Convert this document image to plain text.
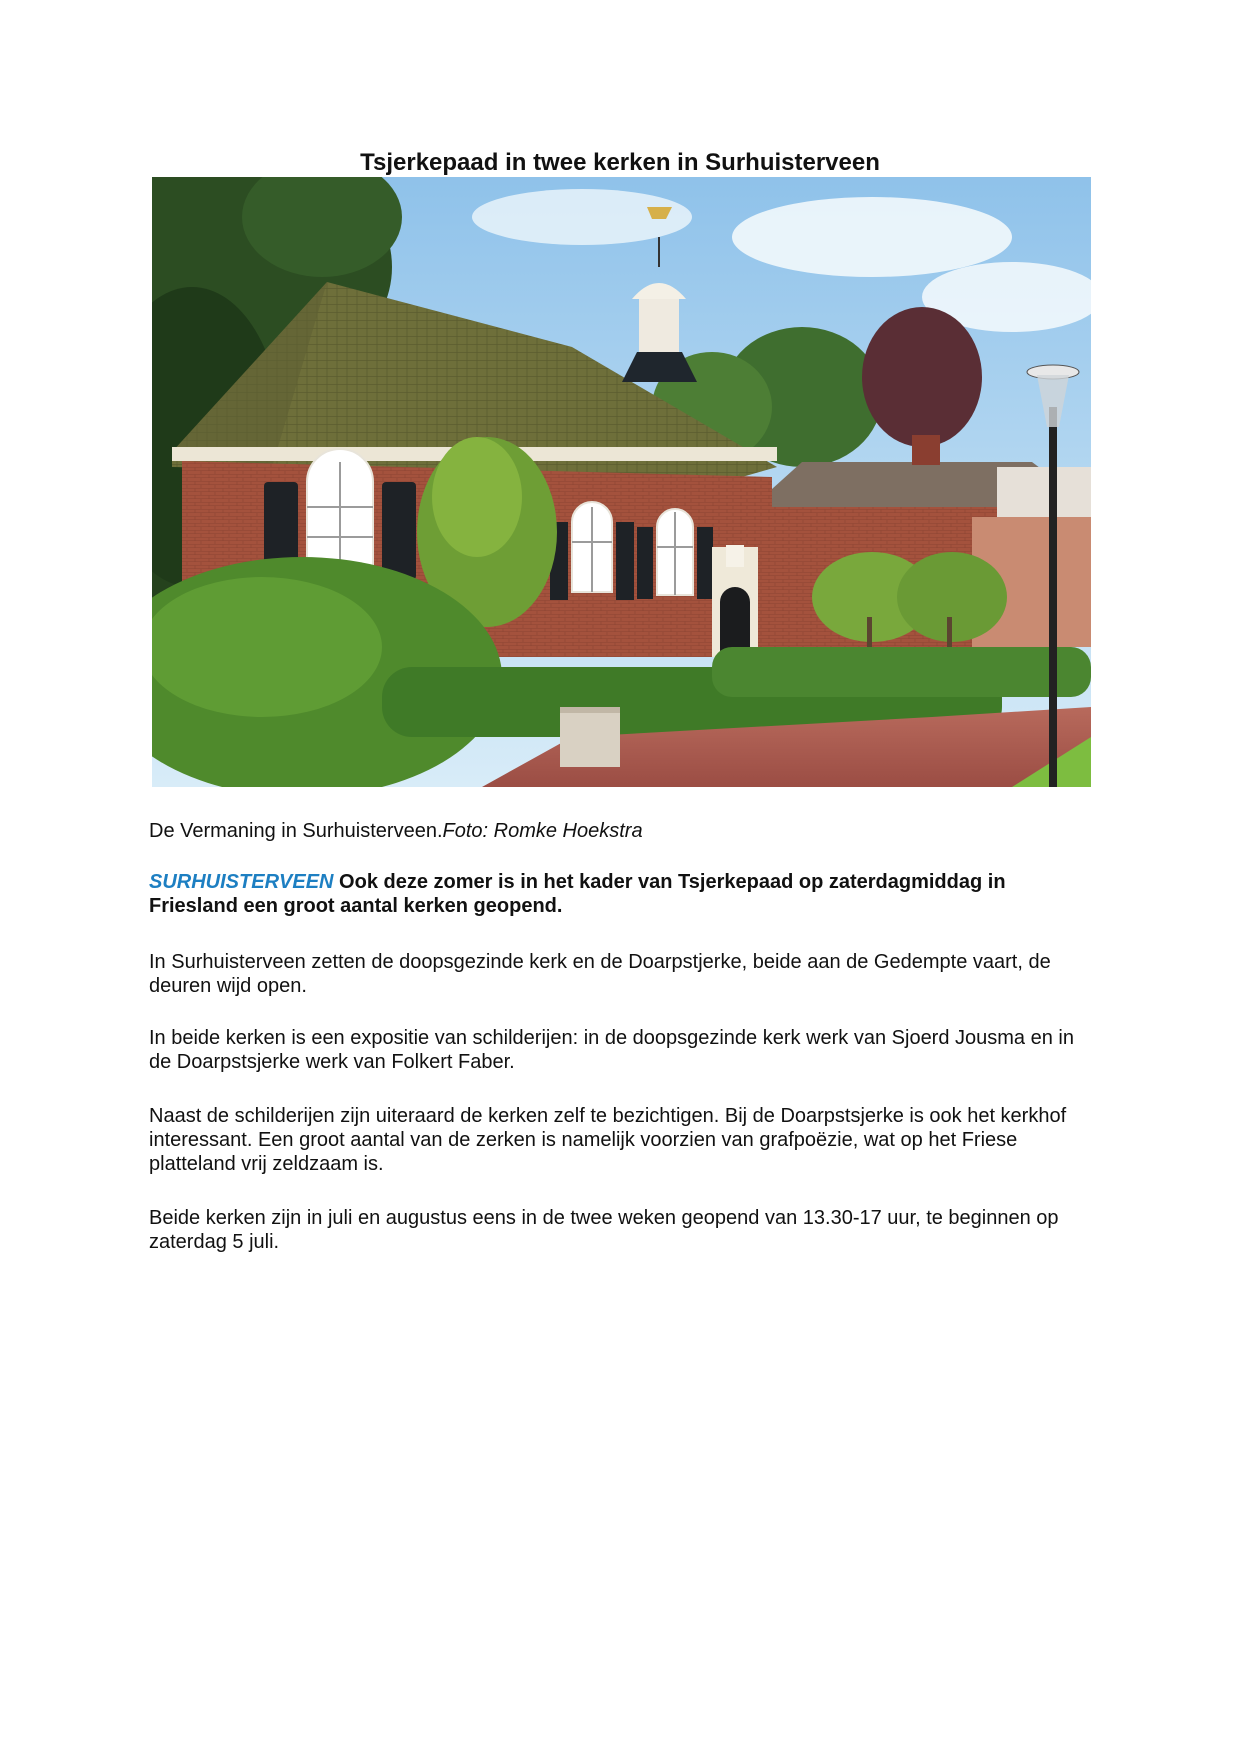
Tsjerkepaad in twee kerken in Surhuisterveen

De Vermaning in Surhuisterveen.Foto: Romke Hoekstra

SURHUISTERVEEN Ook deze zomer is in het kader van Tsjerkepaad op zaterdagmiddag in Friesland een groot aantal kerken geopend.

In Surhuisterveen zetten de doopsgezinde kerk en de Doarpstjerke, beide aan de Gedempte vaart, de deuren wijd open.

In beide kerken is een expositie van schilderijen: in de doopsgezinde kerk werk van Sjoerd Jousma en in de Doarpstsjerke werk van Folkert Faber.

Naast de schilderijen zijn uiteraard de kerken zelf te bezichtigen. Bij de Doarpstsjerke is ook het kerkhof interessant. Een groot aantal van de zerken is namelijk voorzien van grafpoëzie, wat op het Friese platteland vrij zeldzaam is.

Beide kerken zijn in juli en augustus eens in de twee weken geopend van 13.30-17 uur, te beginnen op zaterdag 5 juli.
